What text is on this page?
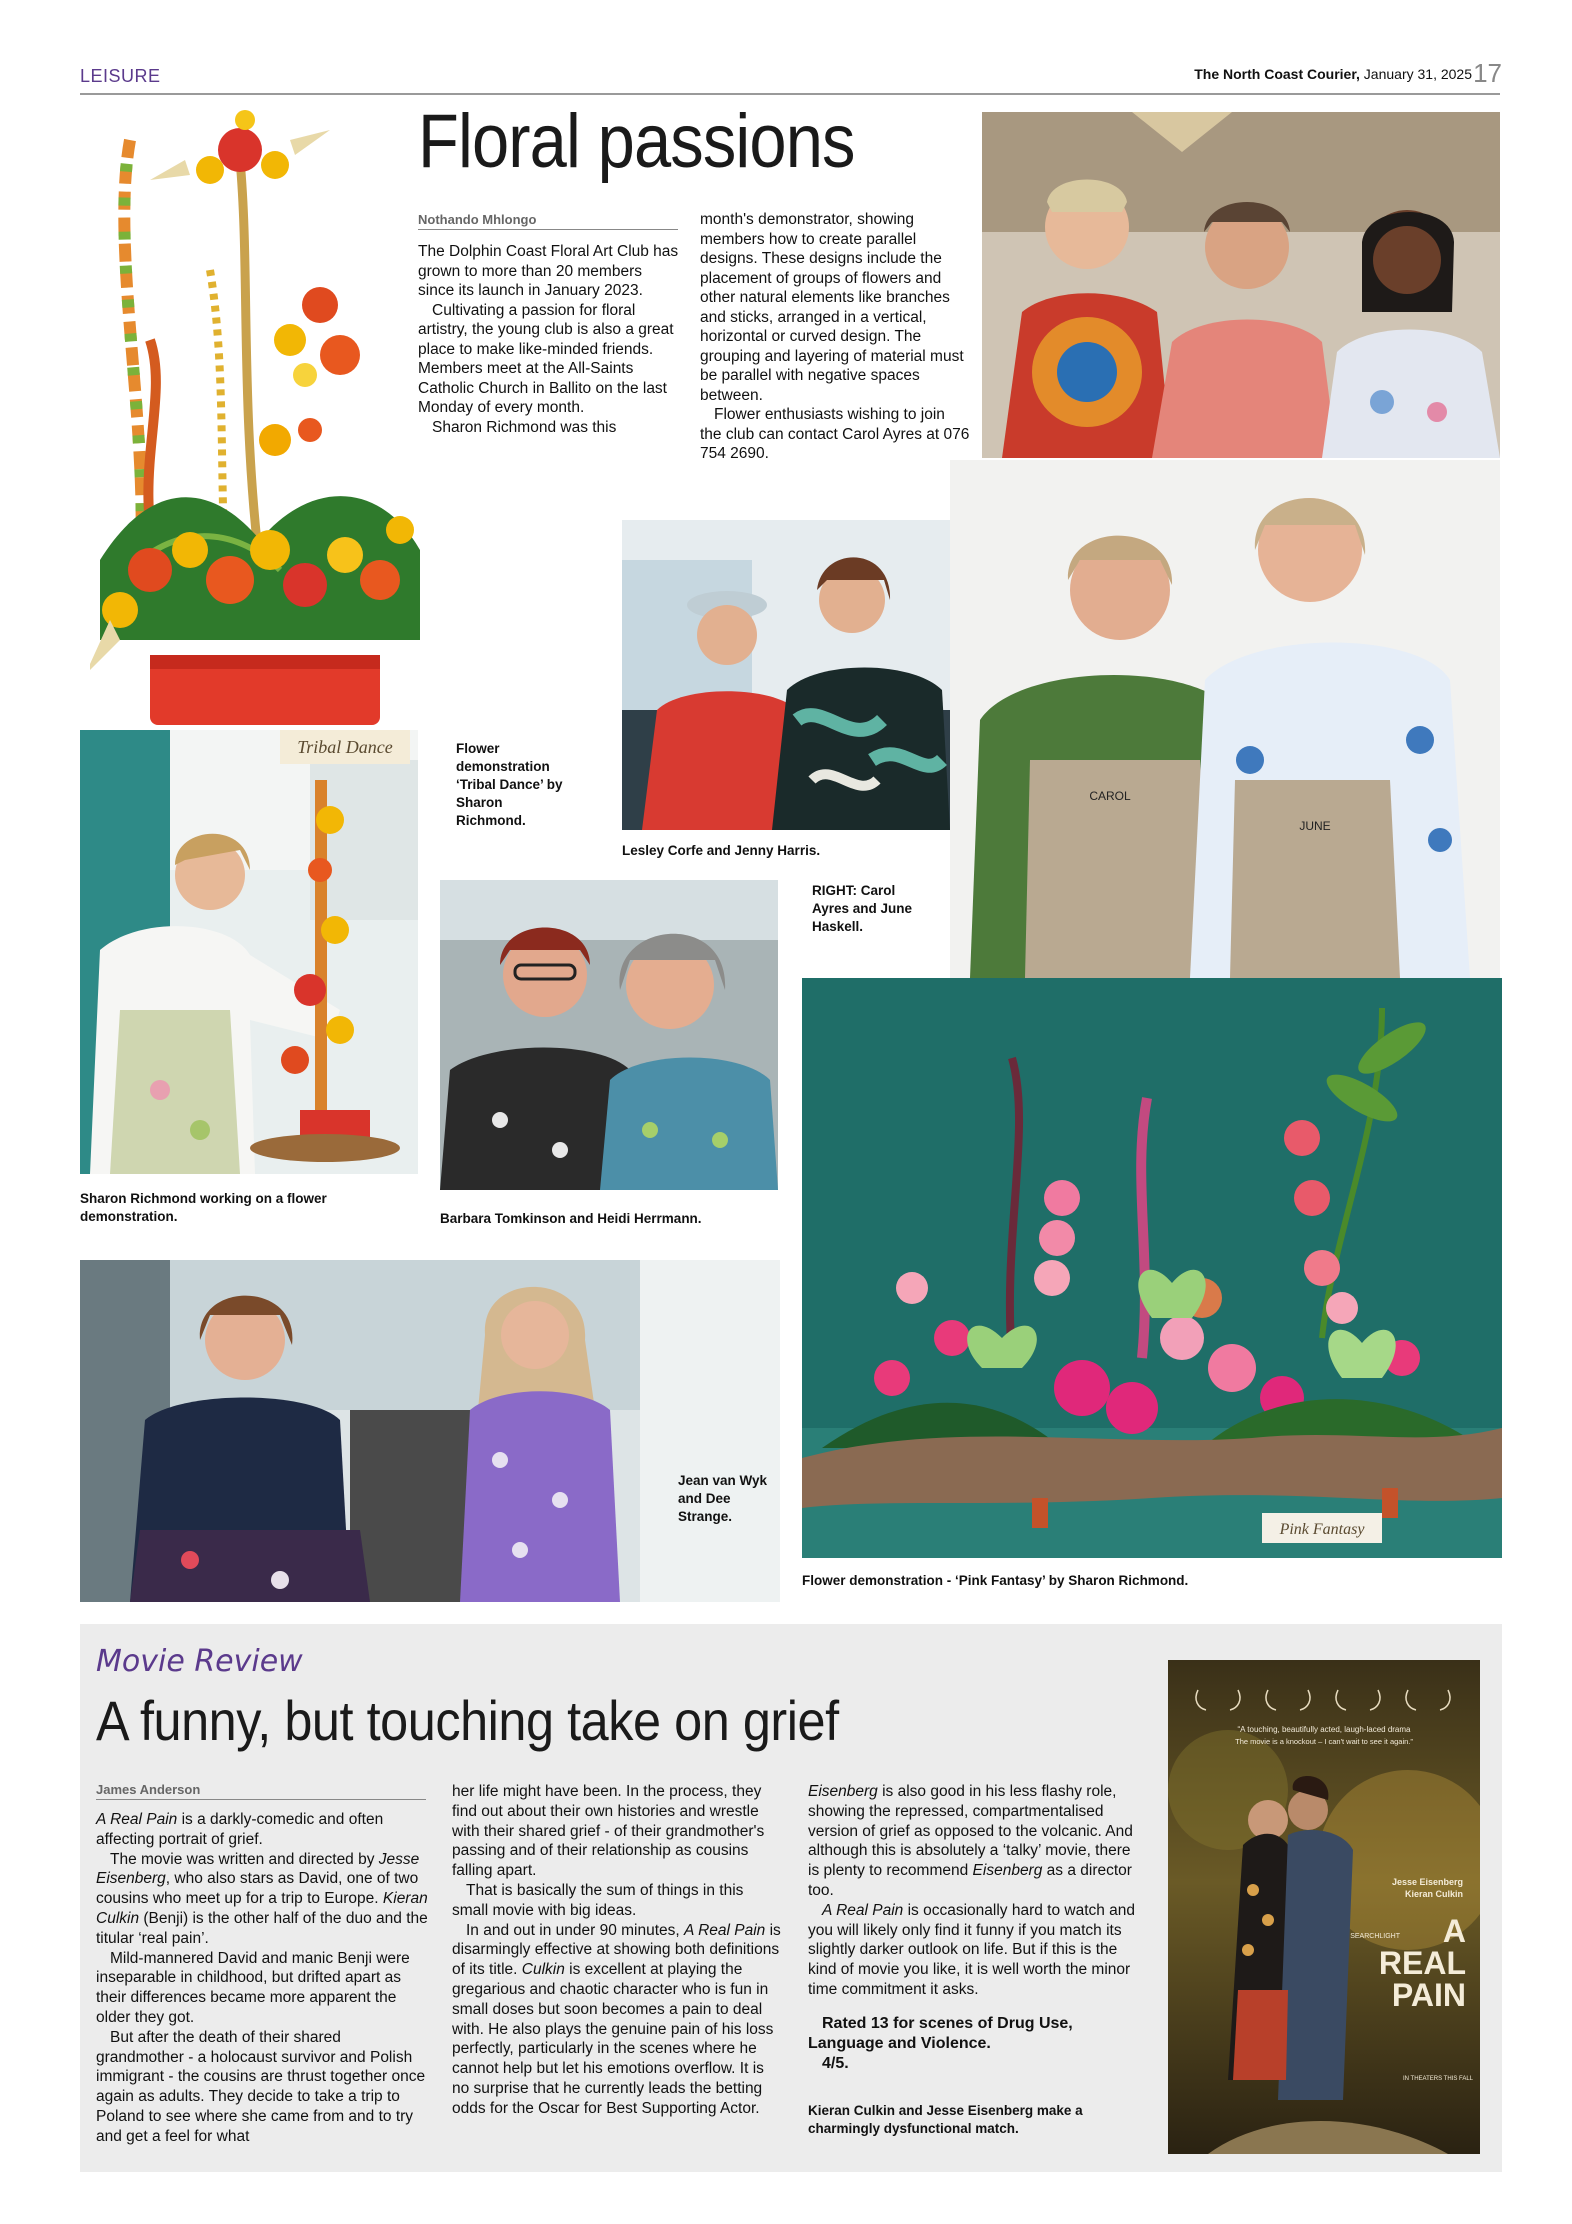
LEISURE	The North Coast Courier, January 31, 2025 17
Floral passions
Nothando Mhlongo

The Dolphin Coast Floral Art Club has grown to more than 20 members since its launch in January 2023.

Cultivating a passion for floral artistry, the young club is also a great place to make like-minded friends. Members meet at the All-Saints Catholic Church in Ballito on the last Monday of every month.

Sharon Richmond was this

month's demonstrator, showing members how to create parallel designs. These designs include the placement of groups of flowers and other natural elements like branches and sticks, arranged in a vertical, horizontal or curved design. The grouping and layering of material must be parallel with negative spaces between.

Flower enthusiasts wishing to join the club can contact Carol Ayres at 076 754 2690.

Lesley Corfe and Jenny Harris.
Flower demonstration ‘Tribal Dance’ by Sharon Richmond.
Tribal Dance
Sharon Richmond working on a flower demonstration.	Barbara Tomkinson and Heidi Herrmann.
CAROL
JUNE
RIGHT: Carol Ayres and June Haskell.
Pink Fantasy
Flower demonstration - ‘Pink Fantasy’ by Sharon Richmond.
Jean van Wyk and Dee Strange.
Movie Review
A funny, but touching take on grief
James Anderson

A Real Pain is a darkly-comedic and often affecting portrait of grief.

The movie was written and directed by Jesse Eisenberg, who also stars as David, one of two cousins who meet up for a trip to Europe. Kieran Culkin (Benji) is the other half of the duo and the titular ‘real pain’.

Mild-mannered David and manic Benji were inseparable in childhood, but drifted apart as their differences became more apparent the older they got.

But after the death of their shared grandmother - a holocaust survivor and Polish immigrant - the cousins are thrust together once again as adults. They decide to take a trip to Poland to see where she came from and to try and get a feel for what

her life might have been. In the process, they find out about their own histories and wrestle with their shared grief - of their grandmother's passing and of their relationship as cousins falling apart.

That is basically the sum of things in this small movie with big ideas.

In and out in under 90 minutes, A Real Pain is disarmingly effective at showing both definitions of its title. Culkin is excellent at playing the gregarious and chaotic character who is fun in small doses but soon becomes a pain to deal with. He also plays the genuine pain of his loss perfectly, particularly in the scenes where he cannot help but let his emotions overflow. It is no surprise that he currently leads the betting odds for the Oscar for Best Supporting Actor.

Eisenberg is also good in his less flashy role, showing the repressed, compartmentalised version of grief as opposed to the volcanic. And although this is absolutely a ‘talky’ movie, there is plenty to recommend Eisenberg as a director too.

A Real Pain is occasionally hard to watch and you will likely only find it funny if you match its slightly darker outlook on life. But if this is the kind of movie you like, it is well worth the minor time commitment it asks.

Rated 13 for scenes of Drug Use, Language and Violence.
4/5.
Kieran Culkin and Jesse Eisenberg make a charmingly dysfunctional match.
“A touching, beautifully acted, laugh-laced drama
The movie is a knockout – I can't wait to see it again.”
Jesse Eisenberg
Kieran Culkin
SEARCHLIGHT A
REAL
PAIN
IN THEATERS THIS FALL
